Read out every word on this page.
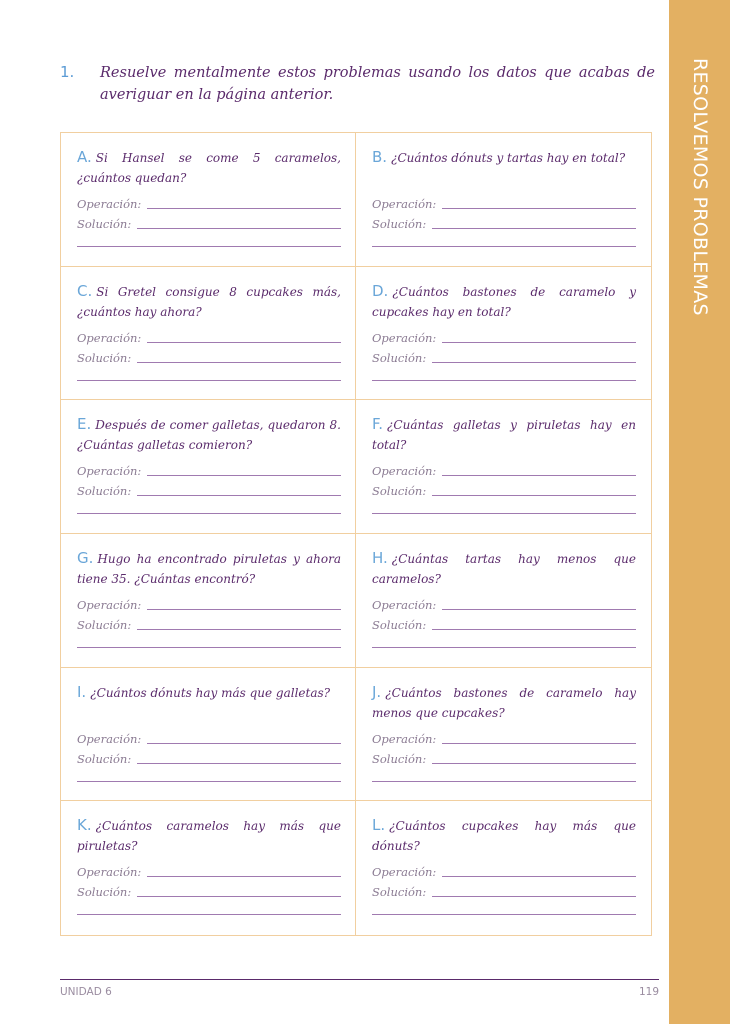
RESOLVEMOS PROBLEMAS
1. Resuelve mentalmente estos problemas usando los datos que acabas de averiguar en la página anterior.
A. Si Hansel se come 5 caramelos, ¿cuántos quedan?
Operación:
Solución:
B. ¿Cuántos dónuts y tartas hay en total?
Operación:
Solución:
C. Si Gretel consigue 8 cupcakes más, ¿cuántos hay ahora?
Operación:
Solución:
D. ¿Cuántos bastones de caramelo y cupcakes hay en total?
Operación:
Solución:
E. Después de comer galletas, quedaron 8. ¿Cuántas galletas comieron?
Operación:
Solución:
F. ¿Cuántas galletas y piruletas hay en total?
Operación:
Solución:
G. Hugo ha encontrado piruletas y ahora tiene 35. ¿Cuántas encontró?
Operación:
Solución:
H. ¿Cuántas tartas hay menos que caramelos?
Operación:
Solución:
I. ¿Cuántos dónuts hay más que galletas?
Operación:
Solución:
J. ¿Cuántos bastones de caramelo hay menos que cupcakes?
Operación:
Solución:
K. ¿Cuántos caramelos hay más que piruletas?
Operación:
Solución:
L. ¿Cuántos cupcakes hay más que dónuts?
Operación:
Solución:
UNIDAD 6	119
